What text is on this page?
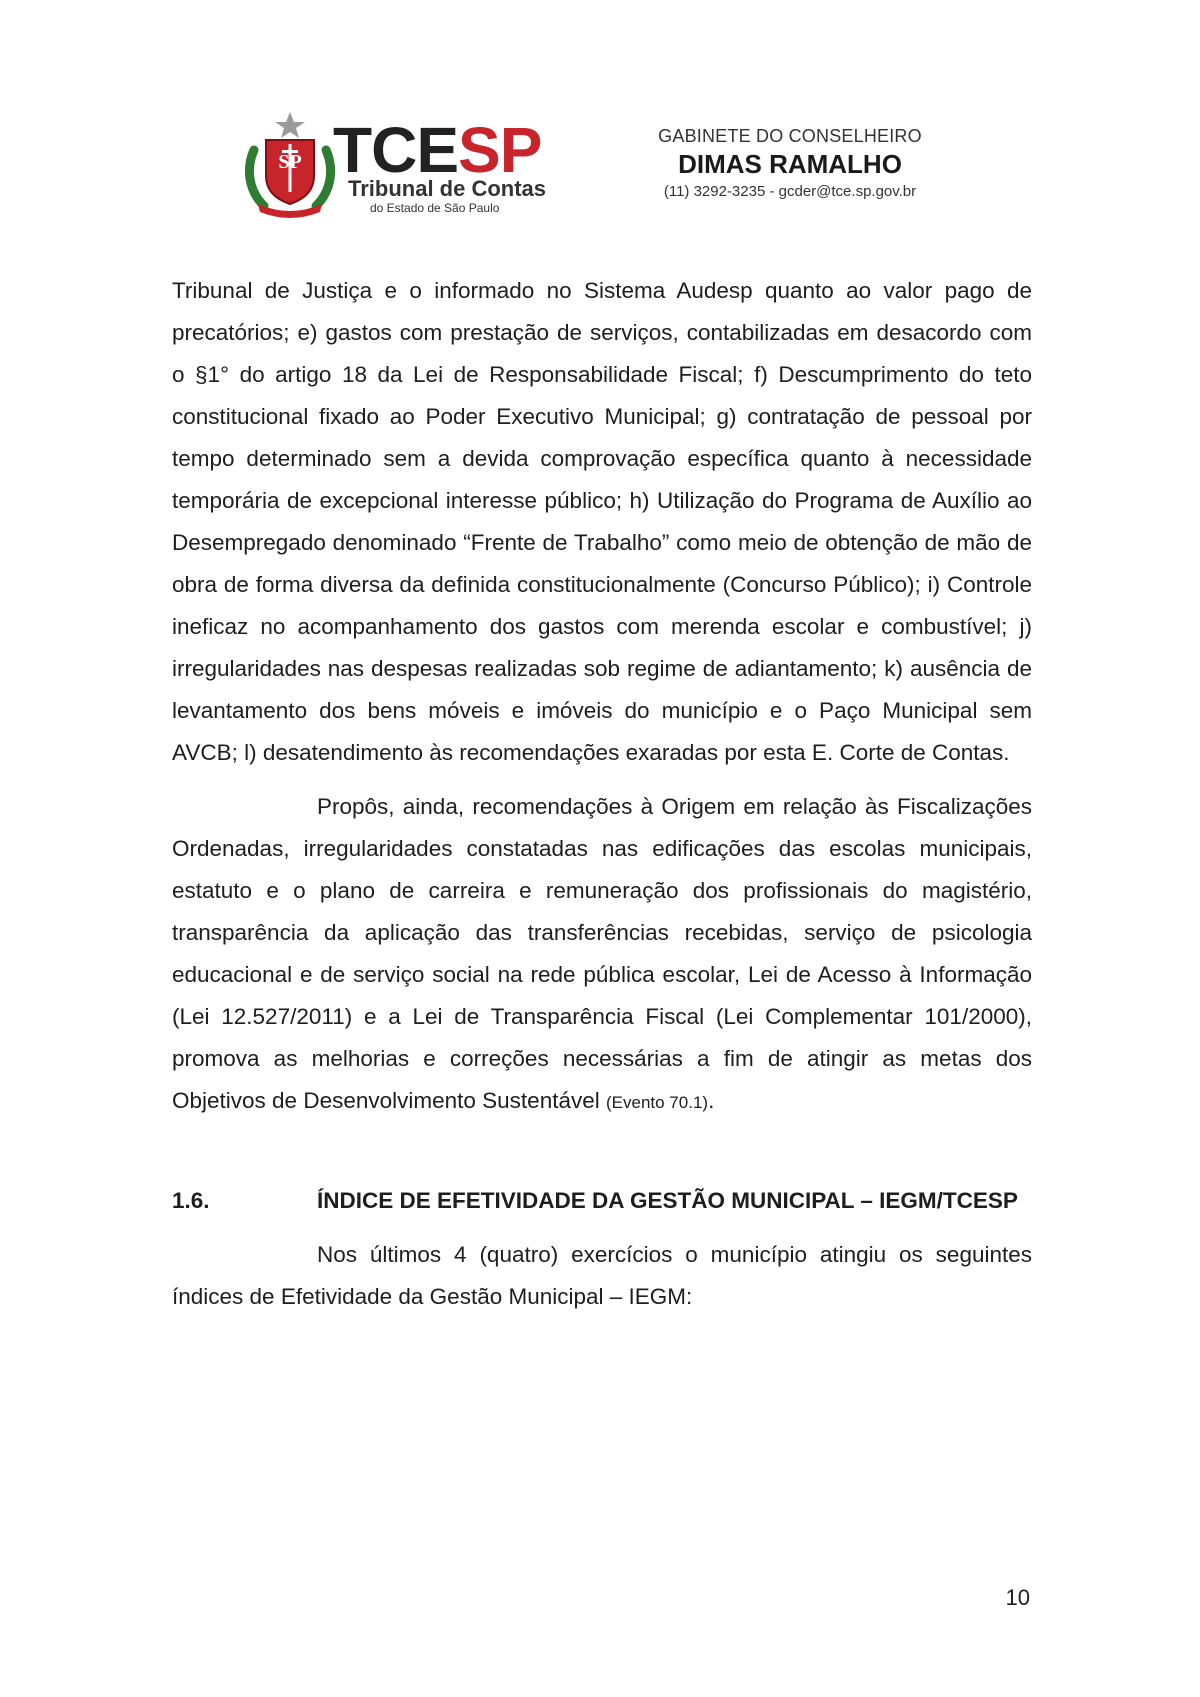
SP TCESP
Tribunal de Contas
do Estado de São Paulo
GABINETE DO CONSELHEIRO
DIMAS RAMALHO
(11) 3292-3235 - gcder@tce.sp.gov.br

Tribunal de Justiça e o informado no Sistema Audesp quanto ao valor pago de precatórios; e) gastos com prestação de serviços, contabilizadas em desacordo com o §1° do artigo 18 da Lei de Responsabilidade Fiscal; f) Descumprimento do teto constitucional fixado ao Poder Executivo Municipal; g) contratação de pessoal por tempo determinado sem a devida comprovação específica quanto à necessidade temporária de excepcional interesse público; h) Utilização do Programa de Auxílio ao Desempregado denominado “Frente de Trabalho” como meio de obtenção de mão de obra de forma diversa da definida constitucionalmente (Concurso Público); i) Controle ineficaz no acompanhamento dos gastos com merenda escolar e combustível; j) irregularidades nas despesas realizadas sob regime de adiantamento; k) ausência de levantamento dos bens móveis e imóveis do município e o Paço Municipal sem AVCB; l) desatendimento às recomendações exaradas por esta E. Corte de Contas.

Propôs, ainda, recomendações à Origem em relação às Fiscalizações Ordenadas, irregularidades constatadas nas edificações das escolas municipais, estatuto e o plano de carreira e remuneração dos profissionais do magistério, transparência da aplicação das transferências recebidas, serviço de psicologia educacional e de serviço social na rede pública escolar, Lei de Acesso à Informação (Lei 12.527/2011) e a Lei de Transparência Fiscal (Lei Complementar 101/2000), promova as melhorias e correções necessárias a fim de atingir as metas dos Objetivos de Desenvolvimento Sustentável (Evento 70.1).

1.6.	ÍNDICE DE EFETIVIDADE DA GESTÃO MUNICIPAL – IEGM/TCESP

Nos últimos 4 (quatro) exercícios o município atingiu os seguintes índices de Efetividade da Gestão Municipal – IEGM:

10
